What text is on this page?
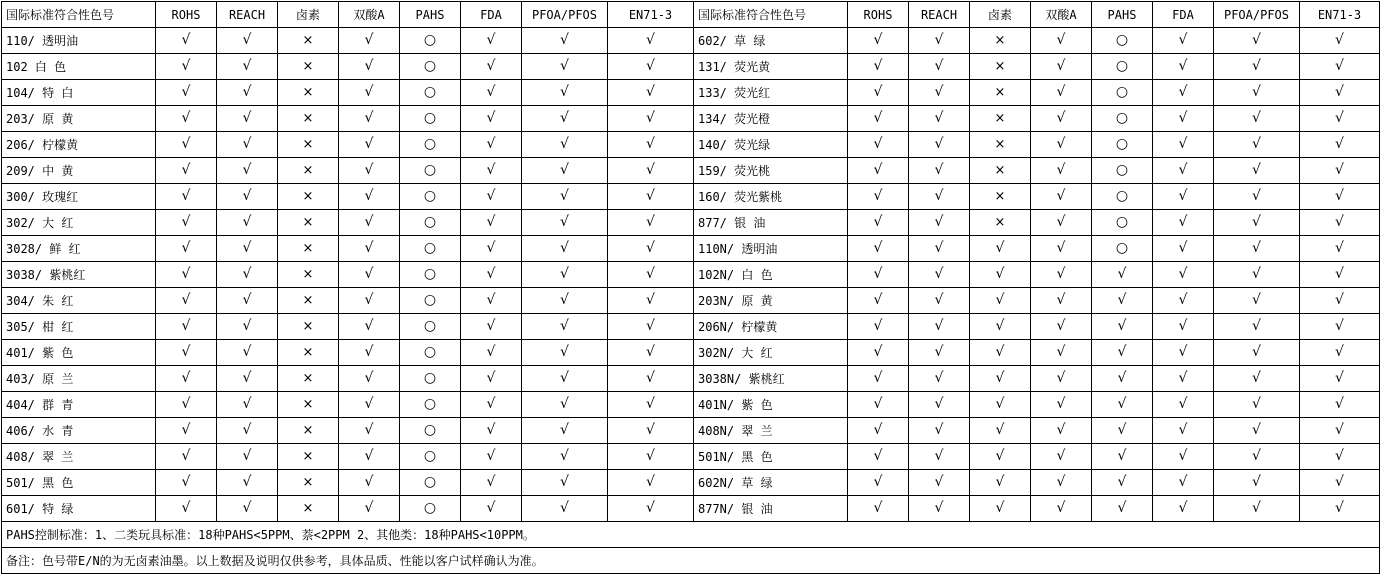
国际标准符合性色号	ROHS	REACH	卤素	双酸A	PAHS	FDA	PFOA/PFOS	EN71-3	国际标准符合性色号	ROHS	REACH	卤素	双酸A	PAHS	FDA	PFOA/PFOS	EN71-3
110/ 透明油	√	√	×	√	○	√	√	√	602/ 草 绿	√	√	×	√	○	√	√	√
102 白 色	√	√	×	√	○	√	√	√	131/ 荧光黄	√	√	×	√	○	√	√	√
104/ 特 白	√	√	×	√	○	√	√	√	133/ 荧光红	√	√	×	√	○	√	√	√
203/ 原 黄	√	√	×	√	○	√	√	√	134/ 荧光橙	√	√	×	√	○	√	√	√
206/ 柠檬黄	√	√	×	√	○	√	√	√	140/ 荧光绿	√	√	×	√	○	√	√	√
209/ 中 黄	√	√	×	√	○	√	√	√	159/ 荧光桃	√	√	×	√	○	√	√	√
300/ 玫瑰红	√	√	×	√	○	√	√	√	160/ 荧光紫桃	√	√	×	√	○	√	√	√
302/ 大 红	√	√	×	√	○	√	√	√	877/ 银 油	√	√	×	√	○	√	√	√
3028/ 鲜 红	√	√	×	√	○	√	√	√	110N/ 透明油	√	√	√	√	○	√	√	√
3038/ 紫桃红	√	√	×	√	○	√	√	√	102N/ 白 色	√	√	√	√	√	√	√	√
304/ 朱 红	√	√	×	√	○	√	√	√	203N/ 原 黄	√	√	√	√	√	√	√	√
305/ 柑 红	√	√	×	√	○	√	√	√	206N/ 柠檬黄	√	√	√	√	√	√	√	√
401/ 紫 色	√	√	×	√	○	√	√	√	302N/ 大 红	√	√	√	√	√	√	√	√
403/ 原 兰	√	√	×	√	○	√	√	√	3038N/ 紫桃红	√	√	√	√	√	√	√	√
404/ 群 青	√	√	×	√	○	√	√	√	401N/ 紫 色	√	√	√	√	√	√	√	√
406/ 水 青	√	√	×	√	○	√	√	√	408N/ 翠 兰	√	√	√	√	√	√	√	√
408/ 翠 兰	√	√	×	√	○	√	√	√	501N/ 黑 色	√	√	√	√	√	√	√	√
501/ 黑 色	√	√	×	√	○	√	√	√	602N/ 草 绿	√	√	√	√	√	√	√	√
601/ 特 绿	√	√	×	√	○	√	√	√	877N/ 银 油	√	√	√	√	√	√	√	√
PAHS控制标准：1、二类玩具标准：18种PAHS<5PPM、萘<2PPM 2、其他类：18种PAHS<10PPM。																	
备注：色号带E/N的为无卤素油墨。以上数据及说明仅供参考，具体品质、性能以客户试样确认为准。																	
